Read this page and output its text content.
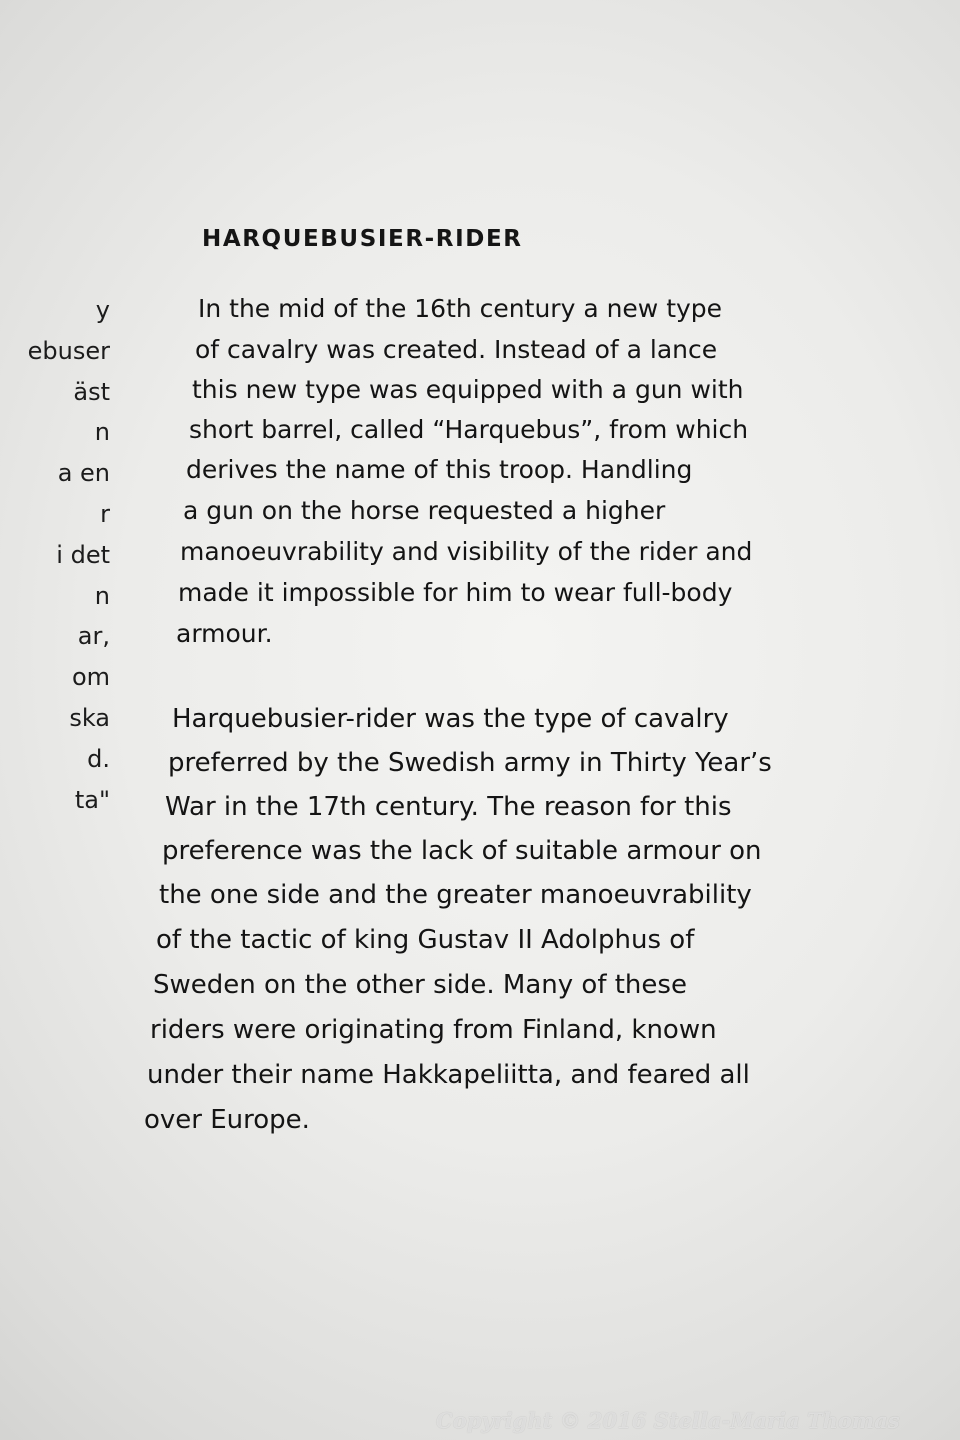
y
ebuser
äst
n
a en
r
i det
n
ar,
om
ska
d.
ta"
HARQUEBUSIER-RIDER

In the mid of the 16th century a new type

of cavalry was created. Instead of a lance

this new type was equipped with a gun with

short barrel, called “Harquebus”, from which

derives the name of this troop. Handling

a gun on the horse requested a higher

manoeuvrability and visibility of the rider and

made it impossible for him to wear full-body

armour.

Harquebusier-rider was the type of cavalry

preferred by the Swedish army in Thirty Year’s

War in the 17th century. The reason for this

preference was the lack of suitable armour on

the one side and the greater manoeuvrability

of the tactic of king Gustav II Adolphus of

Sweden on the other side. Many of these

riders were originating from Finland, known

under their name Hakkapeliitta, and feared all

over Europe.

Copyright © 2016 Stella-Maria Thomas
